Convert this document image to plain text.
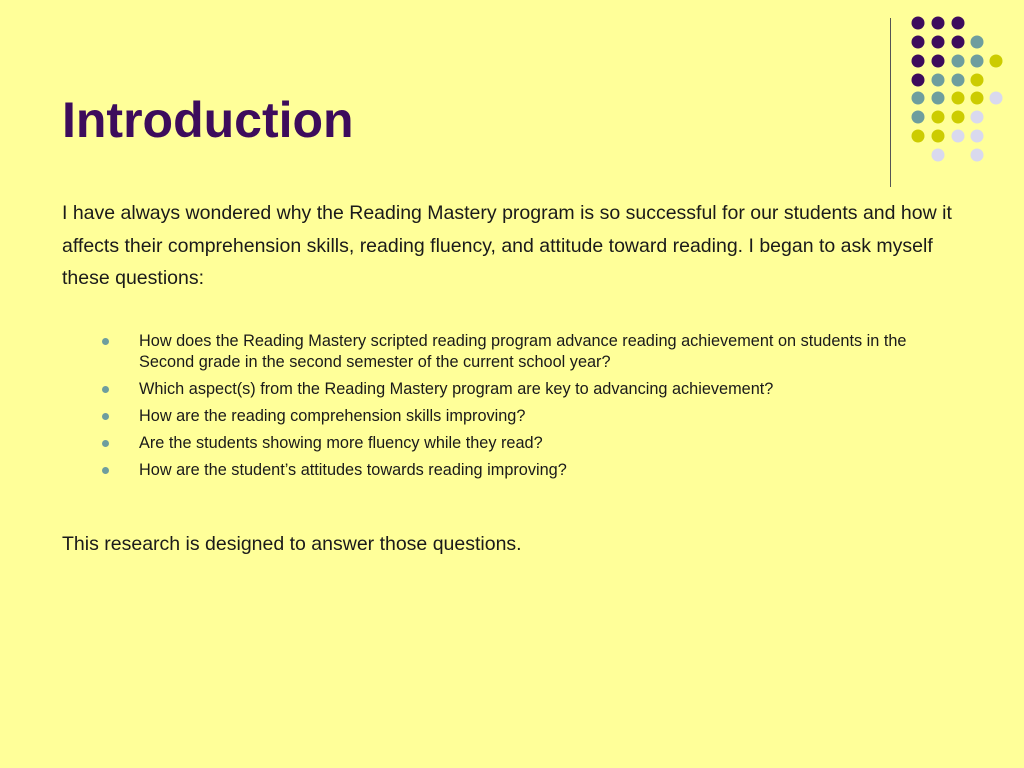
Introduction

I have always wondered why the Reading Mastery program is so successful for our students and how it affects their comprehension skills, reading fluency, and attitude toward reading. I began to ask myself these questions:

How does the Reading Mastery scripted reading program advance reading achievement on students in the Second grade in the second semester of the current school year?
Which aspect(s) from the Reading Mastery program are key to advancing achievement?
How are the reading comprehension skills improving?
Are the students showing more fluency while they read?
How are the student’s attitudes towards reading improving?

This research is designed to answer those questions.
